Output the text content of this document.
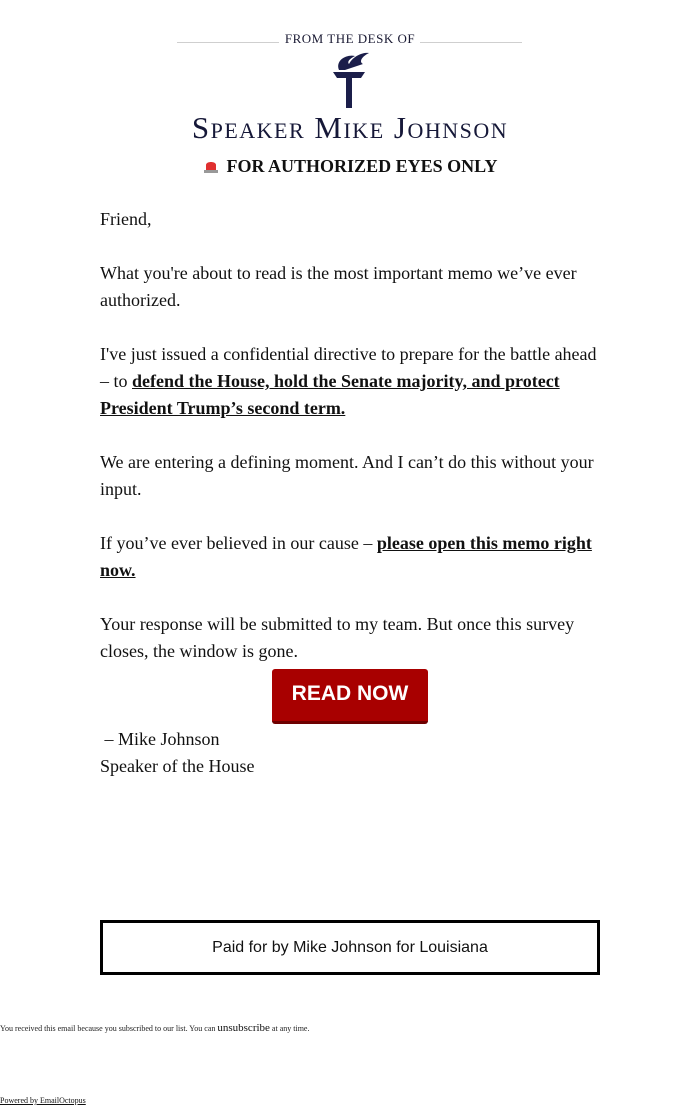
FROM THE DESK OF
Speaker Mike Johnson
FOR AUTHORIZED EYES ONLY

Friend,

What you're about to read is the most important memo we’ve ever authorized.

I've just issued a confidential directive to prepare for the battle ahead – to defend the House, hold the Senate majority, and protect President Trump’s second term.

We are entering a defining moment. And I can’t do this without your input.

If you’ve ever believed in our cause – please open this memo right now.

Your response will be submitted to my team. But once this survey closes, the window is gone.

READ NOW
– Mike Johnson
Speaker of the House
Paid for by Mike Johnson for Louisiana
You received this email because you subscribed to our list. You can unsubscribe at any time.
Powered by EmailOctopus
